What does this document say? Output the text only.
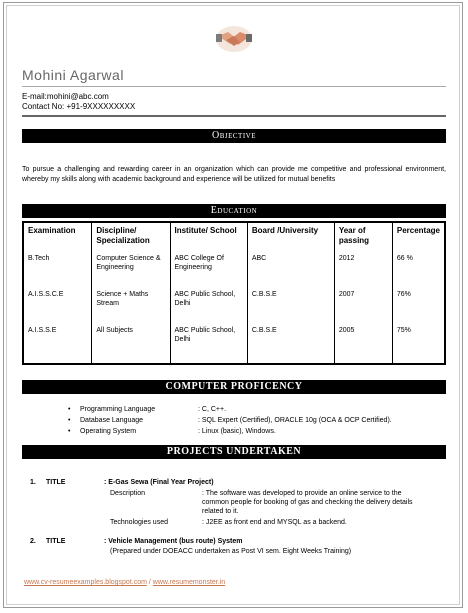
Mohini Agarwal
E-mail:mohini@abc.com
Contact No: +91-9XXXXXXXXX
Objective
To pursue a challenging and rewarding career in an organization which can provide me competitive and professional environment, whereby my skills along with academic background and experience will be utilized for mutual benefits
Education
Examination	Discipline/ Specialization	Institute/ School	Board /University	Year of passing	Percentage
B.Tech	Computer Science & Engineering	ABC College Of Engineering	ABC	2012	66 %
A.I.S.S.C.E	Science + Maths Stream	ABC Public School, Delhi	C.B.S.E	2007	76%
A.I.S.S.E	All Subjects	ABC Public School, Delhi	C.B.S.E	2005	75%
COMPUTER PROFICENCY
•	Programming Language	: C, C++.
•	Database Language	: SQL Expert (Certified), ORACLE 10g (OCA & OCP Certified).
•	Operating System	: Linux (basic), Windows.
PROJECTS UNDERTAKEN
1.	TITLE	: E-Gas Sewa (Final Year Project)
Description	: The software was developed to provide an online service to the common people for booking of gas and checking the delivery details related to it.
Technologies used	: J2EE as front end and MYSQL as a backend.
2.	TITLE	: Vehicle Management (bus route) System
(Prepared under DOEACC undertaken as Post VI sem. Eight Weeks Training)
www.cv-resumeexamples.blogspot.com / www.resumemonster.in
